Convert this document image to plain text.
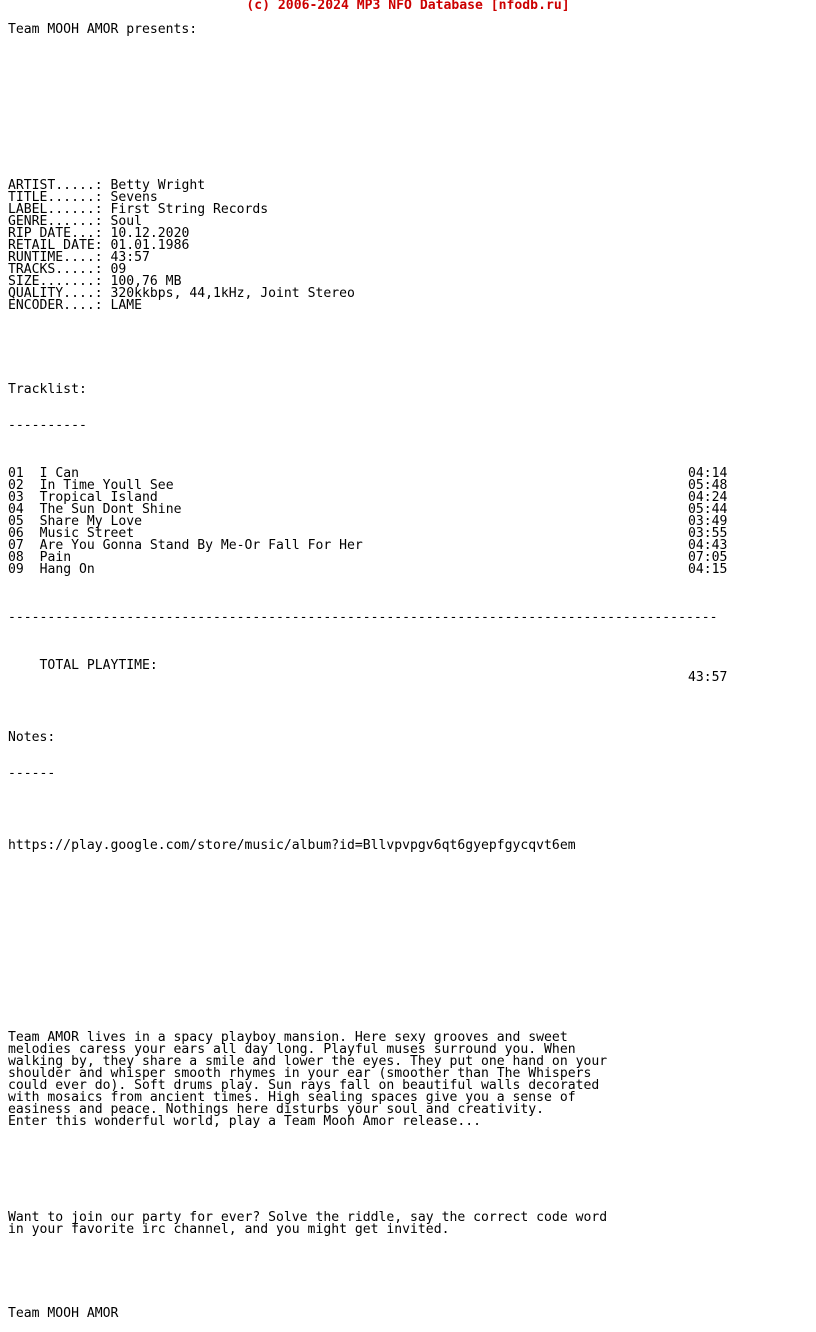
(c) 2006-2024 MP3 NFO Database [nfodb.ru]

Team MOOH AMOR presents:

ARTIST.....: Betty Wright
TITLE......: Sevens
LABEL......: First String Records
GENRE......: Soul
RIP DATE...: 10.12.2020
RETAIL DATE: 01.01.1986
RUNTIME....: 43:57
TRACKS.....: 09
SIZE.......: 100,76 MB
QUALITY....: 320kkbps, 44,1kHz, Joint Stereo
ENCODER....: LAME

Tracklist:

----------

01 I Can	04:14
02 In Time Youll See	05:48
03 Tropical Island	04:24
04 The Sun Dont Shine	05:44
05 Share My Love	03:49
06 Music Street	03:55
07 Are You Gonna Stand By Me-Or Fall For Her	04:43
08 Pain	07:05
09 Hang On	04:15

------------------------------------------------------------------------------------------

TOTAL PLAYTIME:

43:57

Notes:

------

https://play.google.com/store/music/album?id=Bllvpvpgv6qt6gyepfgycqvt6em

Team AMOR lives in a spacy playboy mansion. Here sexy grooves and sweet
melodies caress your ears all day long. Playful muses surround you. When
walking by, they share a smile and lower the eyes. They put one hand on your
shoulder and whisper smooth rhymes in your ear (smoother than The Whispers
could ever do). Soft drums play. Sun rays fall on beautiful walls decorated
with mosaics from ancient times. High sealing spaces give you a sense of
easiness and peace. Nothings here disturbs your soul and creativity.
Enter this wonderful world, play a Team Mooh Amor release...

Want to join our party for ever? Solve the riddle, say the correct code word
in your favorite irc channel, and you might get invited.

Team MOOH AMOR
